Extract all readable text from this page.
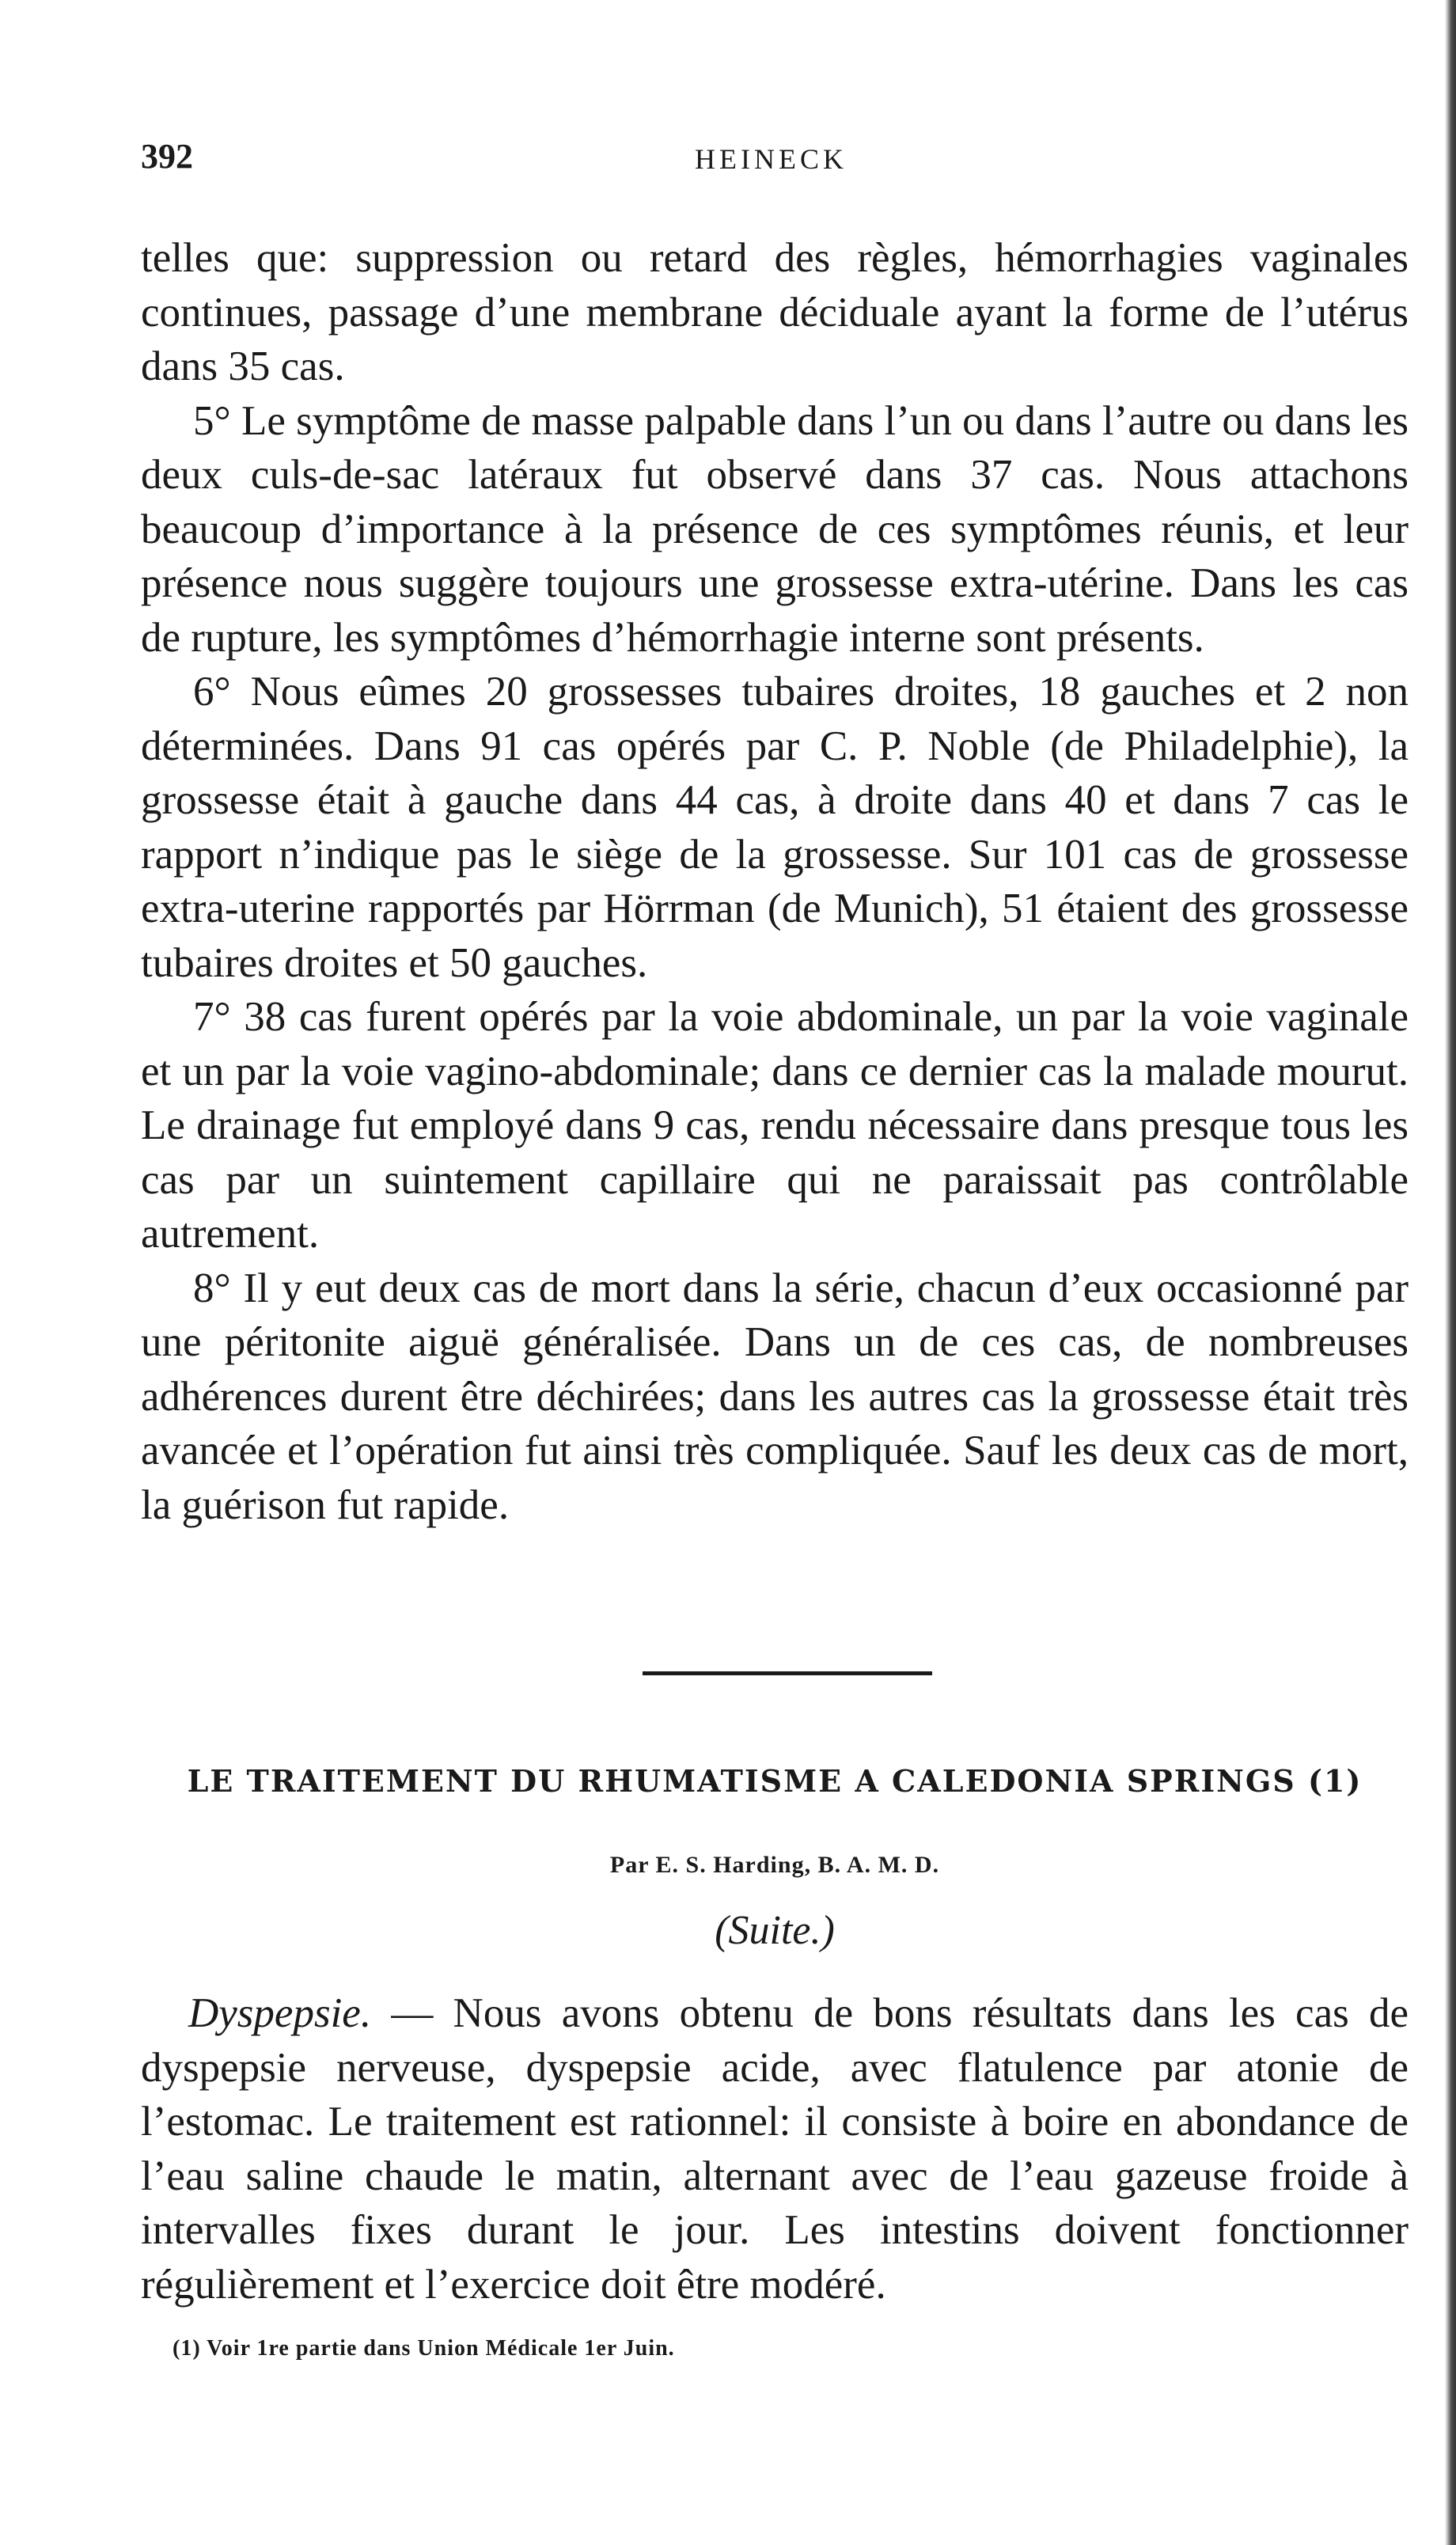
392	HEINECK

telles que: suppression ou retard des règles, hémorrhagies vaginales continues, passage d’une membrane déciduale ayant la forme de l’utérus dans 35 cas.

5° Le symptôme de masse palpable dans l’un ou dans l’autre ou dans les deux culs-de-sac latéraux fut observé dans 37 cas. Nous attachons beaucoup d’importance à la présence de ces symptômes réunis, et leur présence nous suggère toujours une grossesse extra-utérine. Dans les cas de rupture, les symptômes d’hémorrhagie interne sont présents.

6° Nous eûmes 20 grossesses tubaires droites, 18 gauches et 2 non déterminées. Dans 91 cas opérés par C. P. Noble (de Philadelphie), la grossesse était à gauche dans 44 cas, à droite dans 40 et dans 7 cas le rapport n’indique pas le siège de la grossesse. Sur 101 cas de grossesse extra-uterine rapportés par Hörrman (de Munich), 51 étaient des grossesse tubaires droites et 50 gauches.

7° 38 cas furent opérés par la voie abdominale, un par la voie vaginale et un par la voie vagino-abdominale; dans ce dernier cas la malade mourut. Le drainage fut employé dans 9 cas, rendu nécessaire dans presque tous les cas par un suintement capillaire qui ne paraissait pas contrôlable autrement.

8° Il y eut deux cas de mort dans la série, chacun d’eux occasionné par une péritonite aiguë généralisée. Dans un de ces cas, de nombreuses adhérences durent être déchirées; dans les autres cas la grossesse était très avancée et l’opération fut ainsi très compliquée. Sauf les deux cas de mort, la guérison fut rapide.

LE TRAITEMENT DU RHUMATISME A CALEDONIA SPRINGS (1)
Par E. S. Harding, B. A. M. D.
(Suite.)

Dyspepsie. — Nous avons obtenu de bons résultats dans les cas de dyspepsie nerveuse, dyspepsie acide, avec flatulence par atonie de l’estomac. Le traitement est rationnel: il consiste à boire en abondance de l’eau saline chaude le matin, alternant avec de l’eau gazeuse froide à intervalles fixes durant le jour. Les intestins doivent fonctionner régulièrement et l’exercice doit être modéré.

(1) Voir 1re partie dans Union Médicale 1er Juin.
